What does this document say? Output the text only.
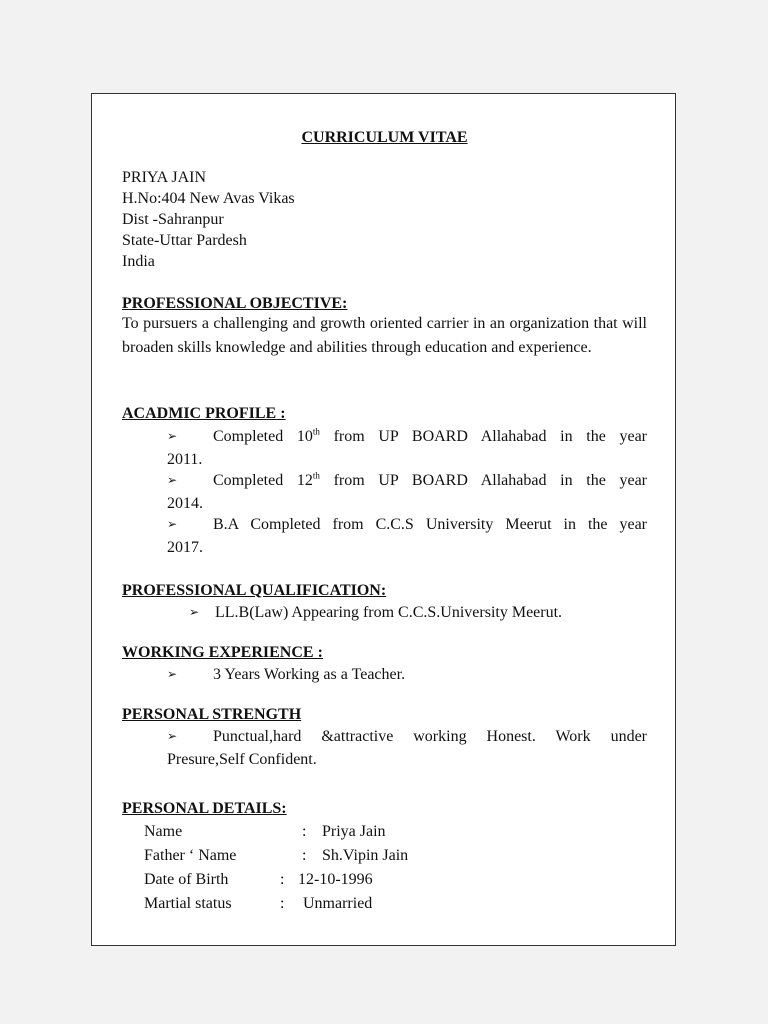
CURRICULUM VITAE
PRIYA JAIN
H.No:404 New Avas Vikas
Dist -Sahranpur
State-Uttar Pardesh
India
PROFESSIONAL OBJECTIVE:
To pursuers a challenging and growth oriented carrier in an organization that will broaden skills knowledge and abilities through education and experience.
ACADMIC PROFILE :
➢	Completed 10th from UP BOARD Allahabad in the year
2011.
➢	Completed 12th from UP BOARD Allahabad in the year
2014.
➢	B.A Completed from C.C.S University Meerut in the year
2017.
PROFESSIONAL QUALIFICATION:
➢ LL.B(Law) Appearing from C.C.S.University Meerut.
WORKING EXPERIENCE :
➢	3 Years Working as a Teacher.
PERSONAL STRENGTH
➢	Punctual,hard &attractive working Honest. Work under
Presure,Self Confident.
PERSONAL DETAILS:
Name	: Priya Jain
Father ‘ Name	: Sh.Vipin Jain
Date of Birth	: 12-10-1996
Martial status	: Unmarried
